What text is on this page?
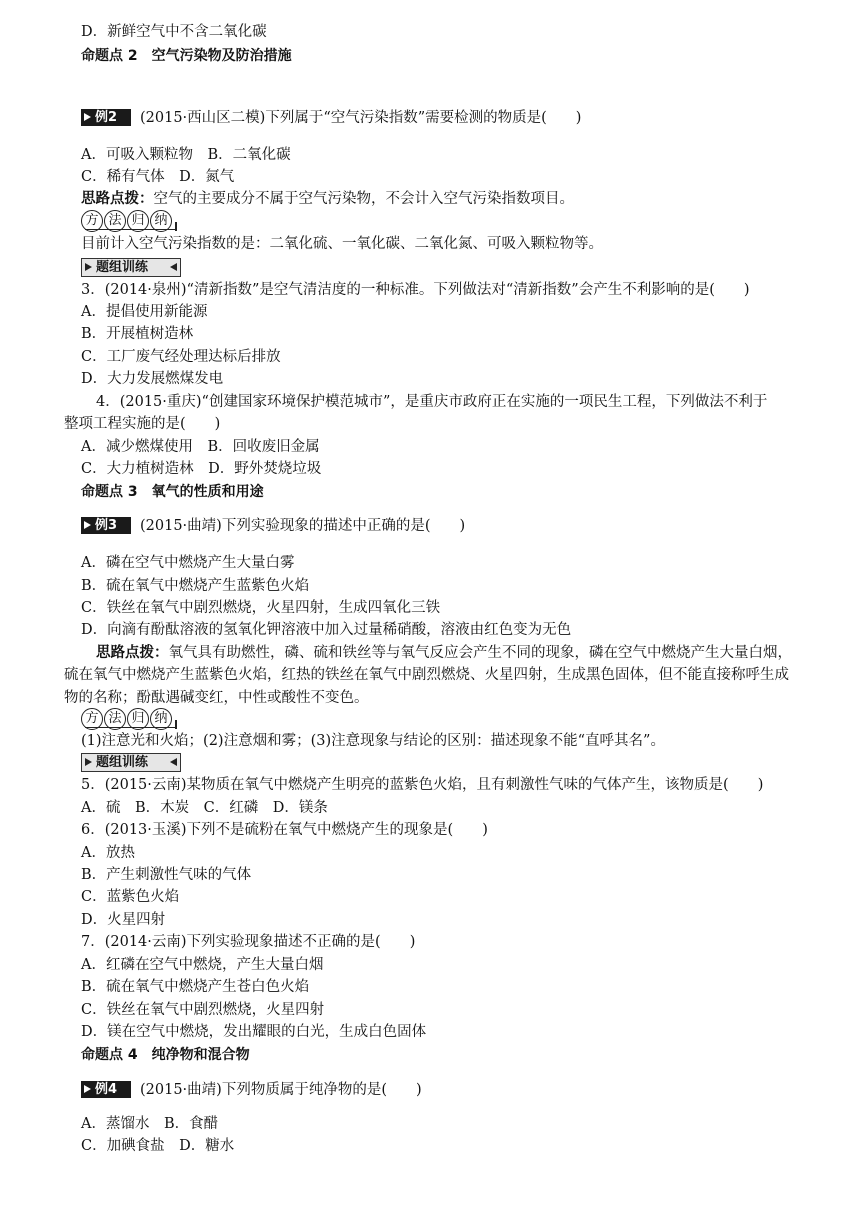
D．新鲜空气中不含二氧化碳
命题点 2　空气污染物及防治措施
例2 (2015·西山区二模)下列属于“空气污染指数”需要检测的物质是(　　)
A．可吸入颗粒物　B．二氧化碳
C．稀有气体　D．氮气
思路点拨：空气的主要成分不属于空气污染物，不会计入空气污染指数项目。
方 法 归 纳
目前计入空气污染指数的是：二氧化硫、一氧化碳、二氧化氮、可吸入颗粒物等。
题组训练
3．(2014·泉州)“清新指数”是空气清洁度的一种标准。下列做法对“清新指数”会产生不利影响的是(　　)
A．提倡使用新能源
B．开展植树造林
C．工厂废气经处理达标后排放
D．大力发展燃煤发电
4．(2015·重庆)“创建国家环境保护模范城市”，是重庆市政府正在实施的一项民生工程，下列做法不利于
整项工程实施的是(　　)
A．减少燃煤使用　B．回收废旧金属
C．大力植树造林　D．野外焚烧垃圾
命题点 3　氧气的性质和用途
例3 (2015·曲靖)下列实验现象的描述中正确的是(　　)
A．磷在空气中燃烧产生大量白雾
B．硫在氧气中燃烧产生蓝紫色火焰
C．铁丝在氧气中剧烈燃烧，火星四射，生成四氧化三铁
D．向滴有酚酞溶液的氢氧化钾溶液中加入过量稀硝酸，溶液由红色变为无色
思路点拨：氧气具有助燃性，磷、硫和铁丝等与氧气反应会产生不同的现象，磷在空气中燃烧产生大量白烟，
硫在氧气中燃烧产生蓝紫色火焰，红热的铁丝在氧气中剧烈燃烧、火星四射，生成黑色固体，但不能直接称呼生成
物的名称；酚酞遇碱变红，中性或酸性不变色。
方 法 归 纳
(1)注意光和火焰；(2)注意烟和雾；(3)注意现象与结论的区别：描述现象不能“直呼其名”。
题组训练
5．(2015·云南)某物质在氧气中燃烧产生明亮的蓝紫色火焰，且有刺激性气味的气体产生，该物质是(　　)
A．硫　B．木炭　C．红磷　D．镁条
6．(2013·玉溪)下列不是硫粉在氧气中燃烧产生的现象是(　　)
A．放热
B．产生刺激性气味的气体
C．蓝紫色火焰
D．火星四射
7．(2014·云南)下列实验现象描述不正确的是(　　)
A．红磷在空气中燃烧，产生大量白烟
B．硫在氧气中燃烧产生苍白色火焰
C．铁丝在氧气中剧烈燃烧，火星四射
D．镁在空气中燃烧，发出耀眼的白光，生成白色固体
命题点 4　纯净物和混合物
例4 (2015·曲靖)下列物质属于纯净物的是(　　)
A．蒸馏水　B．食醋
C．加碘食盐　D．糖水
